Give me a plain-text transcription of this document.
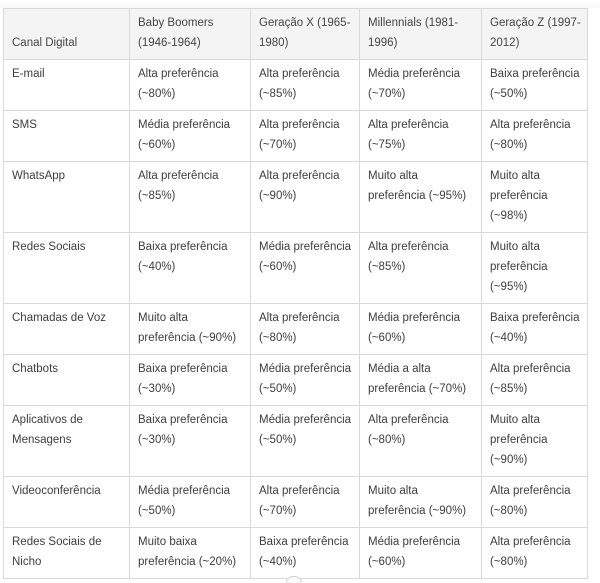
Canal Digital	Baby Boomers (1946-1964)	Geração X (1965-1980)	Millennials (1981-1996)	Geração Z (1997-2012)
E-mail	Alta preferência (~80%)	Alta preferência (~85%)	Média preferência (~70%)	Baixa preferência (~50%)
SMS	Média preferência (~60%)	Alta preferência (~70%)	Alta preferência (~75%)	Alta preferência (~80%)
WhatsApp	Alta preferência (~85%)	Alta preferência (~90%)	Muito alta preferência (~95%)	Muito alta preferência (~98%)
Redes Sociais	Baixa preferência (~40%)	Média preferência (~60%)	Alta preferência (~85%)	Muito alta preferência (~95%)
Chamadas de Voz	Muito alta preferência (~90%)	Alta preferência (~80%)	Média preferência (~60%)	Baixa preferência (~40%)
Chatbots	Baixa preferência (~30%)	Média preferência (~50%)	Média a alta preferência (~70%)	Alta preferência (~85%)
Aplicativos de Mensagens	Baixa preferência (~30%)	Média preferência (~50%)	Alta preferência (~80%)	Muito alta preferência (~90%)
Videoconferência	Média preferência (~50%)	Alta preferência (~70%)	Muito alta preferência (~90%)	Alta preferência (~80%)
Redes Sociais de Nicho	Muito baixa preferência (~20%)	Baixa preferência (~40%)	Média preferência (~60%)	Alta preferência (~80%)
